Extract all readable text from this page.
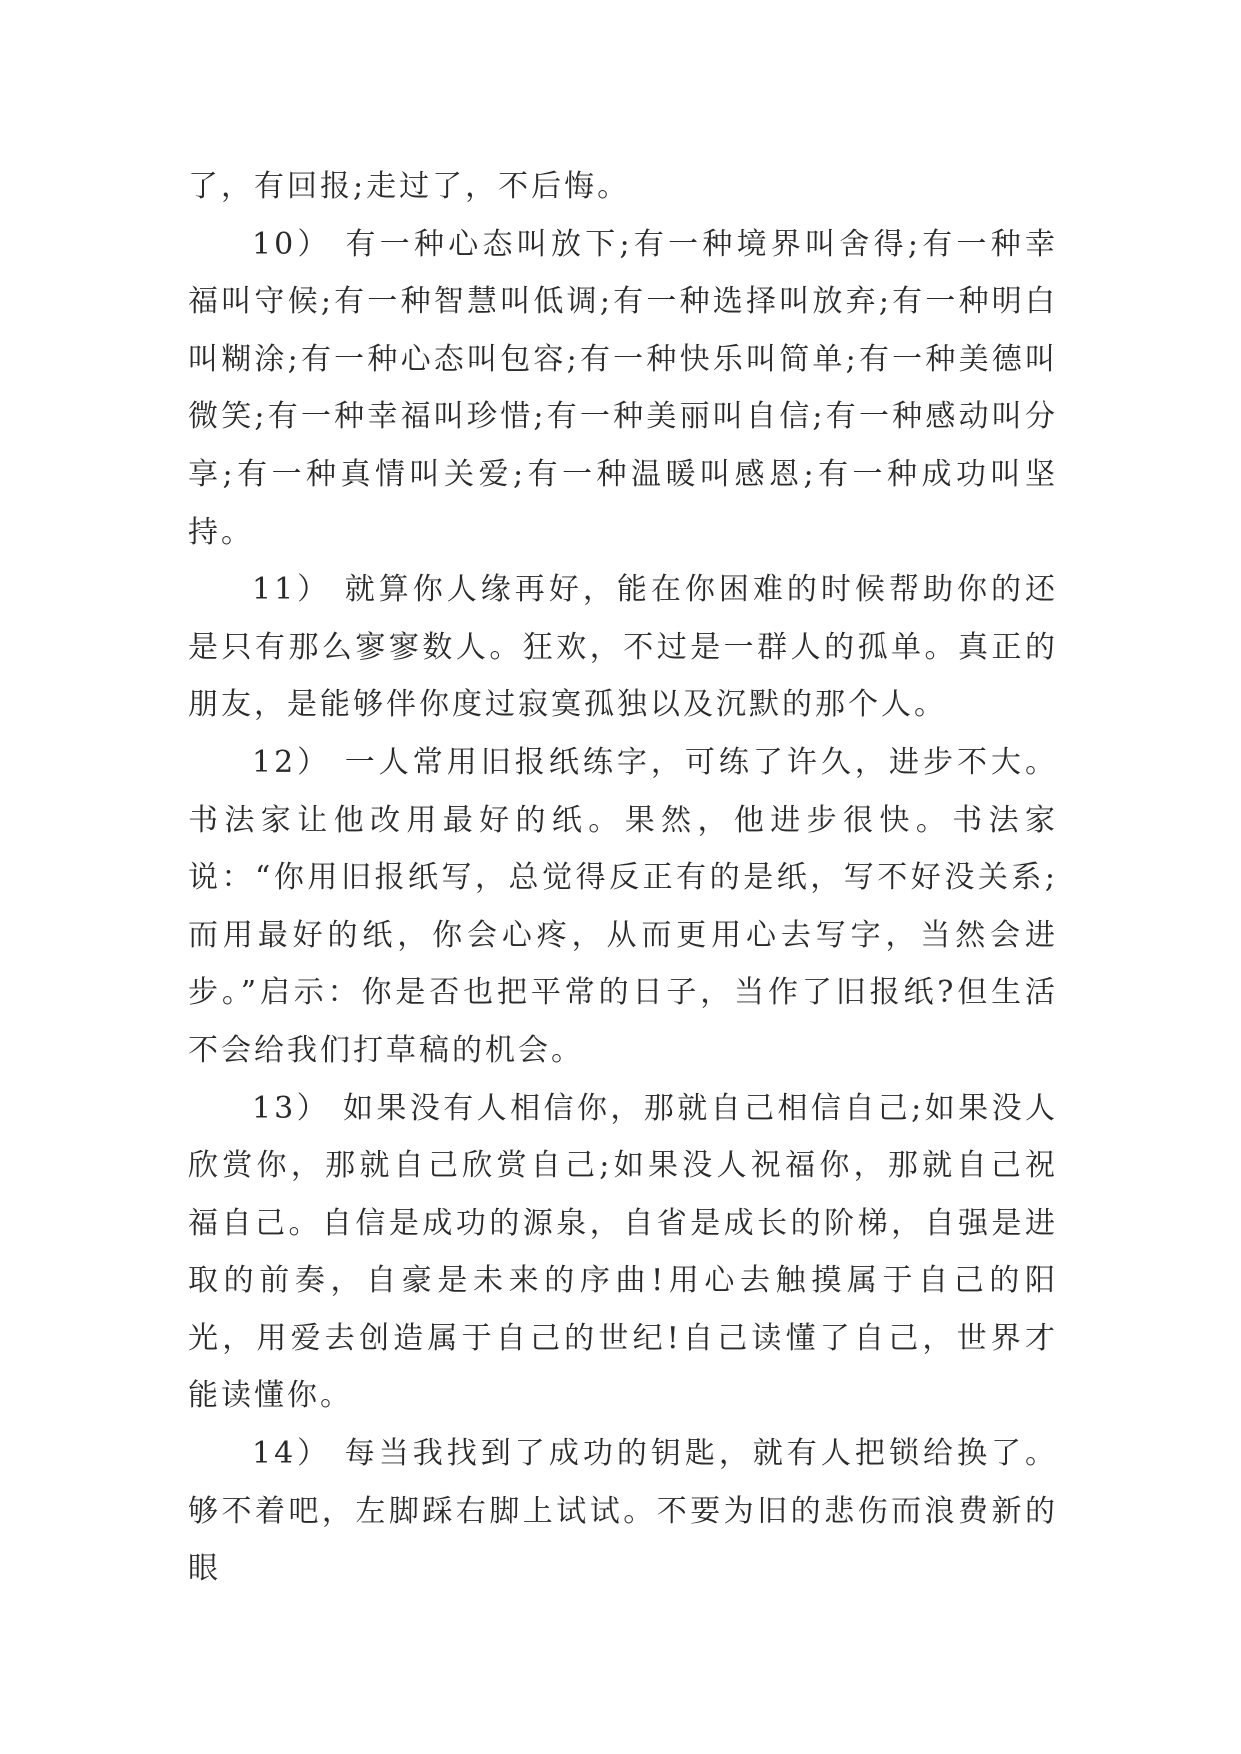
了，有回报;走过了，不后悔。

10） 有一种心态叫放下;有一种境界叫舍得;有一种幸福叫守候;有一种智慧叫低调;有一种选择叫放弃;有一种明白叫糊涂;有一种心态叫包容;有一种快乐叫简单;有一种美德叫微笑;有一种幸福叫珍惜;有一种美丽叫自信;有一种感动叫分享;有一种真情叫关爱;有一种温暖叫感恩;有一种成功叫坚持。

11） 就算你人缘再好，能在你困难的时候帮助你的还是只有那么寥寥数人。狂欢，不过是一群人的孤单。真正的朋友，是能够伴你度过寂寞孤独以及沉默的那个人。

12） 一人常用旧报纸练字，可练了许久，进步不大。书法家让他改用最好的纸。果然，他进步很快。书法家说：“你用旧报纸写，总觉得反正有的是纸，写不好没关系;而用最好的纸，你会心疼，从而更用心去写字，当然会进步。”启示：你是否也把平常的日子，当作了旧报纸?但生活不会给我们打草稿的机会。

13） 如果没有人相信你，那就自己相信自己;如果没人欣赏你，那就自己欣赏自己;如果没人祝福你，那就自己祝福自己。自信是成功的源泉，自省是成长的阶梯，自强是进取的前奏，自豪是未来的序曲!用心去触摸属于自己的阳光，用爱去创造属于自己的世纪!自己读懂了自己，世界才能读懂你。

14） 每当我找到了成功的钥匙，就有人把锁给换了。够不着吧，左脚踩右脚上试试。不要为旧的悲伤而浪费新的眼
